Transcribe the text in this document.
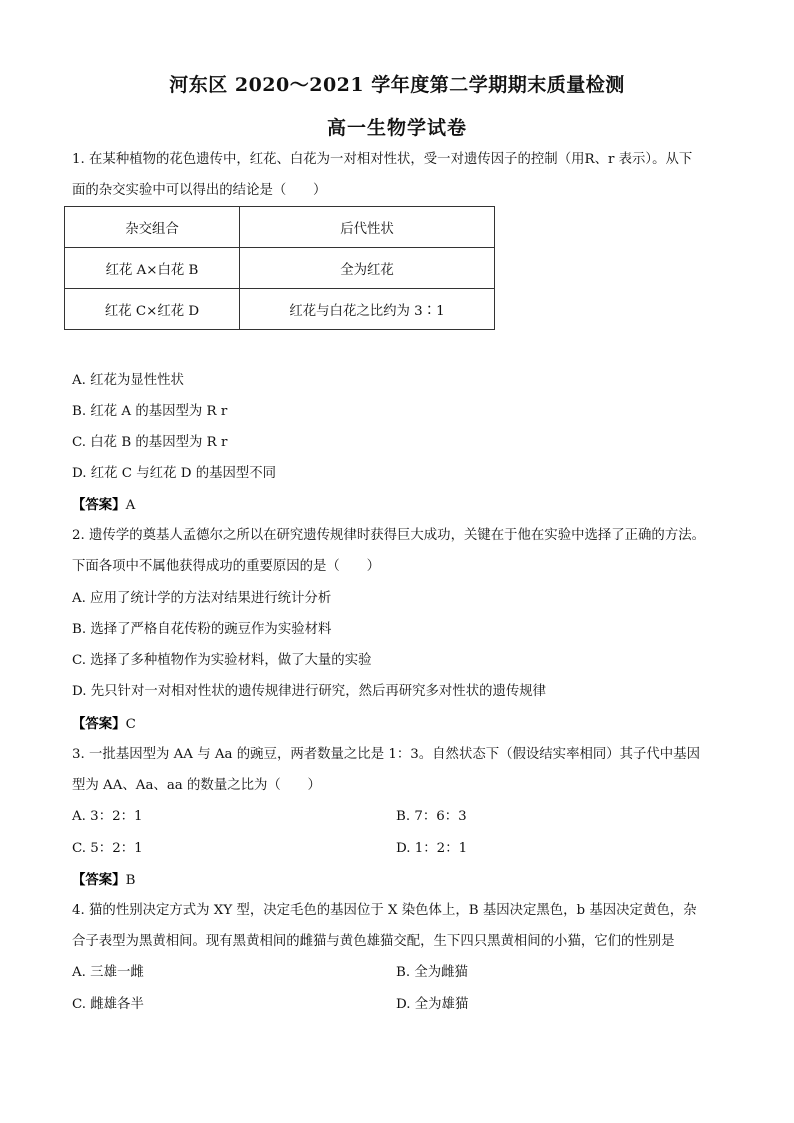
河东区 2020～2021 学年度第二学期期末质量检测
高一生物学试卷
1. 在某种植物的花色遗传中，红花、白花为一对相对性状，受一对遗传因子的控制（用R、r 表示）。从下
面的杂交实验中可以得出的结论是（　　）
杂交组合	后代性状
红花 A×白花 B	全为红花
红花 C×红花 D	红花与白花之比约为 3∶1
A. 红花为显性性状
B. 红花 A 的基因型为 R r
C. 白花 B 的基因型为 R r
D. 红花 C 与红花 D 的基因型不同
【答案】A
2. 遗传学的奠基人孟德尔之所以在研究遗传规律时获得巨大成功，关键在于他在实验中选择了正确的方法。
下面各项中不属他获得成功的重要原因的是（　　）
A. 应用了统计学的方法对结果进行统计分析
B. 选择了严格自花传粉的豌豆作为实验材料
C. 选择了多种植物作为实验材料，做了大量的实验
D. 先只针对一对相对性状的遗传规律进行研究，然后再研究多对性状的遗传规律
【答案】C
3. 一批基因型为 AA 与 Aa 的豌豆，两者数量之比是 1：3。自然状态下（假设结实率相同）其子代中基因
型为 AA、Aa、aa 的数量之比为（　　）
A. 3：2：1	B. 7：6：3
C. 5：2：1	D. 1：2：1
【答案】B
4. 猫的性别决定方式为 XY 型，决定毛色的基因位于 X 染色体上，B 基因决定黑色，b 基因决定黄色，杂
合子表型为黑黄相间。现有黑黄相间的雌猫与黄色雄猫交配，生下四只黑黄相间的小猫，它们的性别是
A. 三雄一雌	B. 全为雌猫
C. 雌雄各半	D. 全为雄猫
